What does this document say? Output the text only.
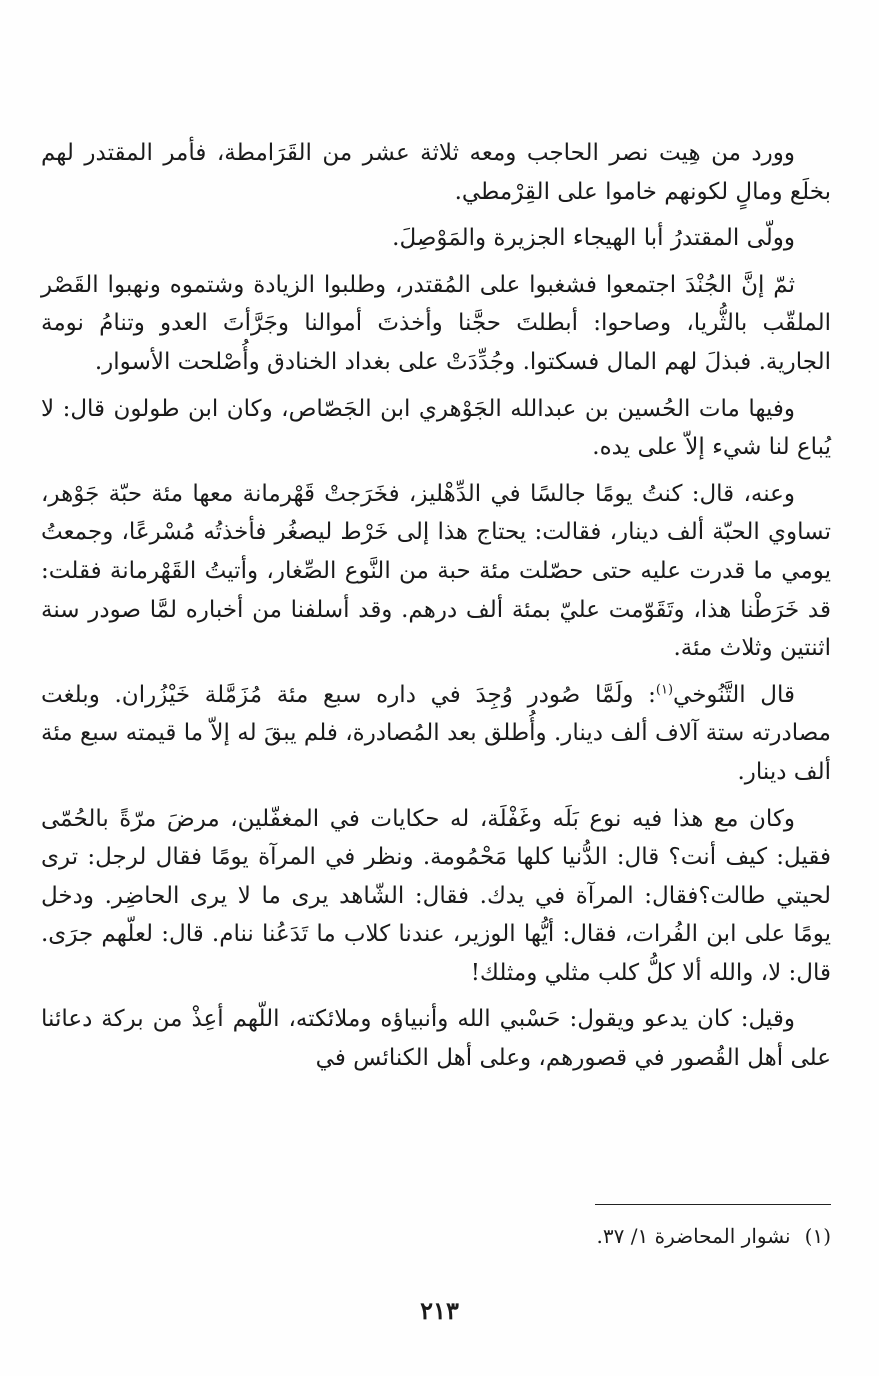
وورد من هِيت نصر الحاجب ومعه ثلاثة عشر من القَرَامطة، فأمر المقتدر لهم بخلَع ومالٍ لكونهم خاموا على القِرْمطي.

وولّى المقتدرُ أبا الهيجاء الجزيرة والمَوْصِلَ.

ثمّ إنَّ الجُنْدَ اجتمعوا فشغبوا على المُقتدر، وطلبوا الزيادة وشتموه ونهبوا القَصْر الملقّب بالثُّريا، وصاحوا: أبطلتَ حجَّنا وأخذتَ أموالنا وجَرَّأتَ العدو وتنامُ نومة الجارية. فبذلَ لهم المال فسكتوا. وجُدِّدَتْ على بغداد الخنادق وأُصْلحت الأسوار.

وفيها مات الحُسين بن عبدالله الجَوْهري ابن الجَصّاص، وكان ابن طولون قال: لا يُباع لنا شيء إلاّ على يده.

وعنه، قال: كنتُ يومًا جالسًا في الدِّهْليز، فخَرَجتْ قَهْرمانة معها مئة حبّة جَوْهر، تساوي الحبّة ألف دينار، فقالت: يحتاج هذا إلى خَرْط ليصغُر فأخذتُه مُسْرعًا، وجمعتُ يومي ما قدرت عليه حتى حصّلت مئة حبة من النَّوع الصِّغار، وأتيتُ القَهْرمانة فقلت: قد خَرَطْنا هذا، وتَقَوّمت عليّ بمئة ألف درهم. وقد أسلفنا من أخباره لمَّا صودر سنة اثنتين وثلاث مئة.

قال التَّنُوخي$^{(١)}$: ولَمَّا صُودر وُجِدَ في داره سبع مئة مُزَمَّلة خَيْزُران. وبلغت مصادرته ستة آلاف ألف دينار. وأُطلق بعد المُصادرة، فلم يبقَ له إلاّ ما قيمته سبع مئة ألف دينار.

وكان مع هذا فيه نوع بَلَه وغَفْلَة، له حكايات في المغفّلين، مرضَ مرّةً بالحُمّى فقيل: كيف أنت؟ قال: الدُّنيا كلها مَحْمُومة. ونظر في المرآة يومًا فقال لرجل: ترى لحيتي طالت؟فقال: المرآة في يدك. فقال: الشّاهد يرى ما لا يرى الحاضِر. ودخل يومًا على ابن الفُرات، فقال: أيُّها الوزير، عندنا كلاب ما تَدَعُنا ننام. قال: لعلّهم جرَى. قال: لا، والله ألا كلُّ كلب مثلي ومثلك!

وقيل: كان يدعو ويقول: حَسْبي الله وأنبياؤه وملائكته، اللّهم أعِذْ من بركة دعائنا على أهل القُصور في قصورهم، وعلى أهل الكنائس في

(١)نشوار المحاضرة ١/ ٣٧.
٢١٣
